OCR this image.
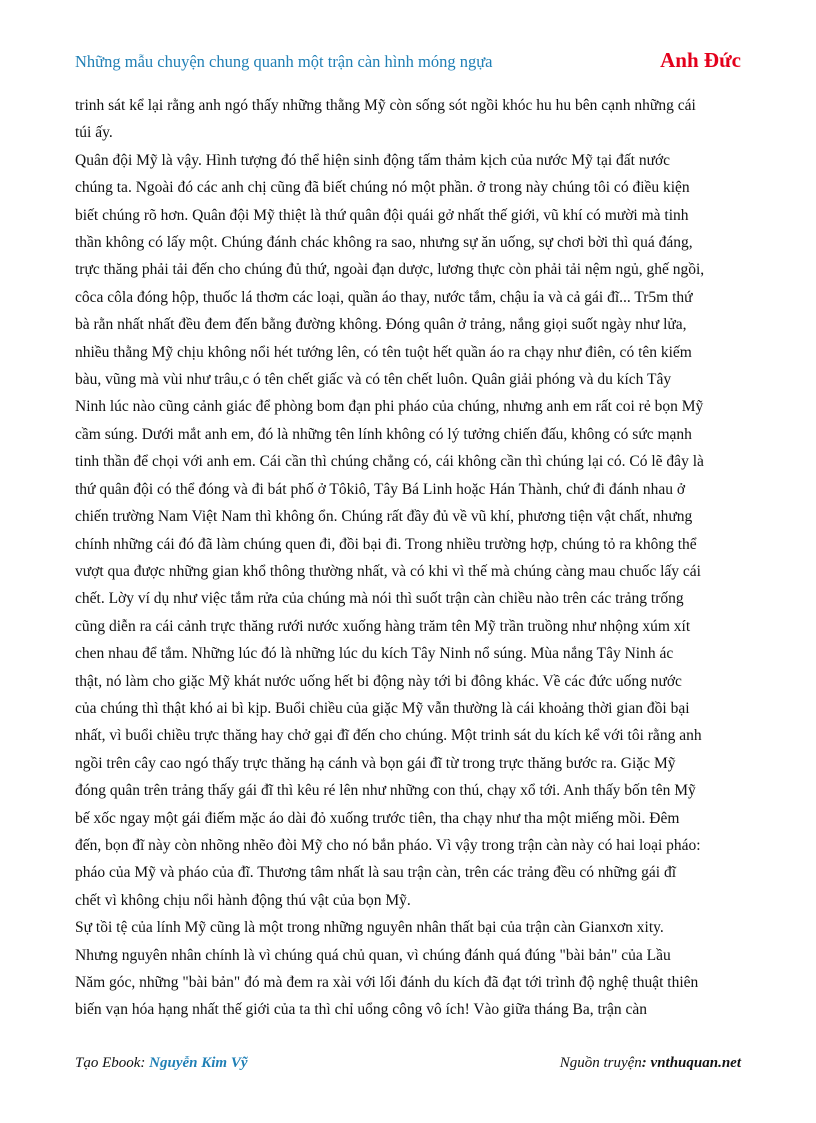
Những mẫu chuyện chung quanh một trận càn hình móng ngựa	Anh Đức

trinh sát kể lại rằng anh ngó thấy những thằng Mỹ còn sống sót ngồi khóc hu hu bên cạnh những cái
túi ấy.

Quân đội Mỹ là vậy. Hình tượng đó thể hiện sinh động tấm thảm kịch của nước Mỹ tại đất nước
chúng ta. Ngoài đó các anh chị cũng đã biết chúng nó một phần. ở trong này chúng tôi có điều kiện
biết chúng rõ hơn. Quân đội Mỹ thiệt là thứ quân đội quái gở nhất thế giới, vũ khí có mười mà tinh
thần không có lấy một. Chúng đánh chác không ra sao, nhưng sự ăn uống, sự chơi bời thì quá đáng,
trực thăng phải tải đến cho chúng đủ thứ, ngoài đạn dược, lương thực còn phải tải nệm ngủ, ghế ngồi,
côca côla đóng hộp, thuốc lá thơm các loại, quần áo thay, nước tắm, chậu ỉa và cả gái đĩ... Tr5m thứ
bà rằn nhất nhất đều đem đến bằng đường không. Đóng quân ở trảng, nắng giọi suốt ngày như lửa,
nhiều thằng Mỹ chịu không nổi hét tướng lên, có tên tuột hết quần áo ra chạy như điên, có tên kiếm
bàu, vũng mà vùi như trâu,c ó tên chết giấc và có tên chết luôn. Quân giải phóng và du kích Tây
Ninh lúc nào cũng cảnh giác để phòng bom đạn phi pháo của chúng, nhưng anh em rất coi rẻ bọn Mỹ
cầm súng. Dưới mắt anh em, đó là những tên lính không có lý tưởng chiến đấu, không có sức mạnh
tinh thần để chọi với anh em. Cái cần thì chúng chẳng có, cái không cần thì chúng lại có. Có lẽ đây là
thứ quân đội có thể đóng và đi bát phố ở Tôkiô, Tây Bá Linh hoặc Hán Thành, chứ đi đánh nhau ở
chiến trường Nam Việt Nam thì không ổn. Chúng rất đầy đủ về vũ khí, phương tiện vật chất, nhưng
chính những cái đó đã làm chúng quen đi, đồi bại đi. Trong nhiều trường hợp, chúng tỏ ra không thể
vượt qua được những gian khổ thông thường nhất, và có khi vì thế mà chúng càng mau chuốc lấy cái
chết. Lờy ví dụ như việc tắm rửa của chúng mà nói thì suốt trận càn chiều nào trên các trảng trống
cũng diễn ra cái cảnh trực thăng rưới nước xuống hàng trăm tên Mỹ trần truồng như nhộng xúm xít
chen nhau để tắm. Những lúc đó là những lúc du kích Tây Ninh nổ súng. Mùa nắng Tây Ninh ác
thật, nó làm cho giặc Mỹ khát nước uống hết bi động này tới bi đông khác. Về các đức uống nước
của chúng thì thật khó ai bì kịp. Buổi chiều của giặc Mỹ vẫn thường là cái khoảng thời gian đồi bại
nhất, vì buổi chiều trực thăng hay chở gại đĩ đến cho chúng. Một trinh sát du kích kể với tôi rằng anh
ngồi trên cây cao ngó thấy trực thăng hạ cánh và bọn gái đĩ từ trong trực thăng bước ra. Giặc Mỹ
đóng quân trên trảng thấy gái đĩ thì kêu ré lên như những con thú, chạy xổ tới. Anh thấy bốn tên Mỹ
bế xốc ngay một gái điếm mặc áo dài đỏ xuống trước tiên, tha chạy như tha một miếng mồi. Đêm
đến, bọn đĩ này còn nhõng nhẽo đòi Mỹ cho nó bắn pháo. Vì vậy trong trận càn này có hai loại pháo:
pháo của Mỹ và pháo của đĩ. Thương tâm nhất là sau trận càn, trên các trảng đều có những gái đĩ
chết vì không chịu nổi hành động thú vật của bọn Mỹ.

Sự tồi tệ của lính Mỹ cũng là một trong những nguyên nhân thất bại của trận càn Gianxơn xity.
Nhưng nguyên nhân chính là vì chúng quá chủ quan, vì chúng đánh quá đúng "bài bản" của Lầu
Năm góc, những "bài bản" đó mà đem ra xài với lối đánh du kích đã đạt tới trình độ nghệ thuật thiên
biến vạn hóa hạng nhất thế giới của ta thì chỉ uổng công vô ích! Vào giữa tháng Ba, trận càn

Tạo Ebook: Nguyễn Kim Vỹ	Nguồn truyện: vnthuquan.net
